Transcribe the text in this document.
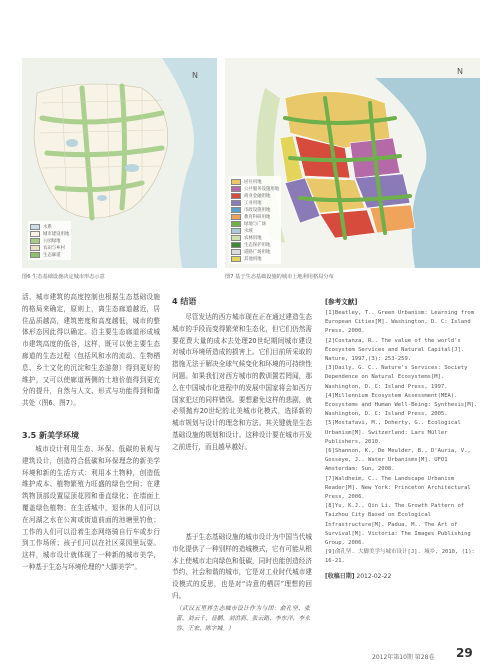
N
水系
城市建设用地
公园绿地
农田与乡村
生态廊道
图6 生态基础设施决定城市形态示意
N
居住用地
公共服务设施用地
商业金融用地
工业用地
市政设施用地
教育科研用地
绿地与广场
水域
农林用地
生态保护用地
道路广场用地
其他用地
图7 基于生态基础设施的城市土地利用格局分布
活、城市建筑的高度控制也根据生态基础设施的格局来确定，原则上，离生态廊道越近，居住品质越高，建筑密度和高度越低，城市的整体形态因此得以确定。沿主要生态廊道形成城市建筑高度的低谷，这样，既可以使主要生态廊道的生态过程（包括风和水的流动、生物栖息、乡土文化的沉淀和生态游憩）得到更好的维护，又可以使廊道两侧的土地价值得到更充分的提升，自然与人文、形式与功能得到和谐共处（图6、图7）。
3.5 新美学环境
城市设计利用生态、环保、低碳的景观与建筑设计，创造符合低碳和环保理念的新美学环境和新的生活方式：利用本土物种，创造低维护成本、植物繁殖力旺盛的绿色空间；在建筑物顶部设置屋顶花园和垂直绿化；在墙面上覆盖绿色植物；在生活城中，退休的人们可以在河湖之水在公寓或街道前面的池塘里钓鱼；工作的人们可以沿着生态网络骑自行车或步行到工作场所；孩子们可以在社区菜园里玩耍。这样，城市设计就体现了一种新的城市美学，一种基于生态与环境伦理的“大脚美学”。
4 结语
尽管发达的西方城市现在正在通过建造生态城市的手段而变得繁荣和生态化，但它们仍然需要花费大量的成本去处理20世纪期间城市建设对城市环境所造成的损害上。它们目前所采取的措施无法于解决全球气候变化和环境的可持续性问题。如果我们对西方城市的教训置若罔闻，那么在中国城市化进程中的发展中国家将会如西方国家犯过的同样错误。要想避免这样的悲剧，就必须抛弃20世纪的北美城市化模式，选择新的城市规划与设计的理念和方法。其关键就是生态基础设施的规划和设计。这种设计要在城市开发之前进行，而且越早越好。
基于生态基础设施的城市设计为中国当代城市化提供了一种别样的造城模式，它有可能从根本上使城市走向绿色和低碳，同时也能创造经济节约、社会和谐的城市，它是对工业时代城市建设模式的反思，也是对“诗意的栖居”理想的回归。
（武汉五里界生态城市设计作为与团：俞孔坚、张蕾、刘云千、岳鹏、刘洪莉、张云路、李东洋、李永容、王宏、陈宇城。）
[参考文献]
[1]Beatley, T.. Green Urbanism: Learning from European Cities[M]. Washington, D. C: Island Press, 2000.
[2]Costanza, R.. The value of the world's Ecosystem Services and Natural Capital[J]. Nature, 1997,(3): 253-259.
[3]Daily, G. C.. Nature's Services: Society Dependence on Natural Ecosystems[M]. Washington, D. C: Island Press, 1997.
[4]Millennium Ecosystem Assessment(MEA). Ecosystems and Human Well-Being: Synthesis[M]. Washington, D. C: Island Press, 2005.
[5]Mostafavi, M., Doherty, G.. Ecological Urbanism[M]. Switzerland: Lars Müller Publishers, 2010.
[6]Shannon, K., De Meulder, B., D'Auria, V., Gosseye, J.. Water Urbanisms[M]. UFO1 Amsterdam: Sun, 2008.
[7]Waldheim, C.. The Landscape Urbanism Reader[M]. New York: Princeton Architectural Press, 2006.
[8]Yu, K.J., Qin Li. The Growth Pattern of Taizhou City Based on Ecological Infrastructure[M]. Padua, M.. The Art of Survival[M]. Victoria: The Images Publishing Group, 2006.
[9]俞孔坚. 大脚美学与城市设计[J]. 城乡, 2010, (1): 16-21.
[收稿日期] 2012-02-22
2012年第10期 第28卷 29
